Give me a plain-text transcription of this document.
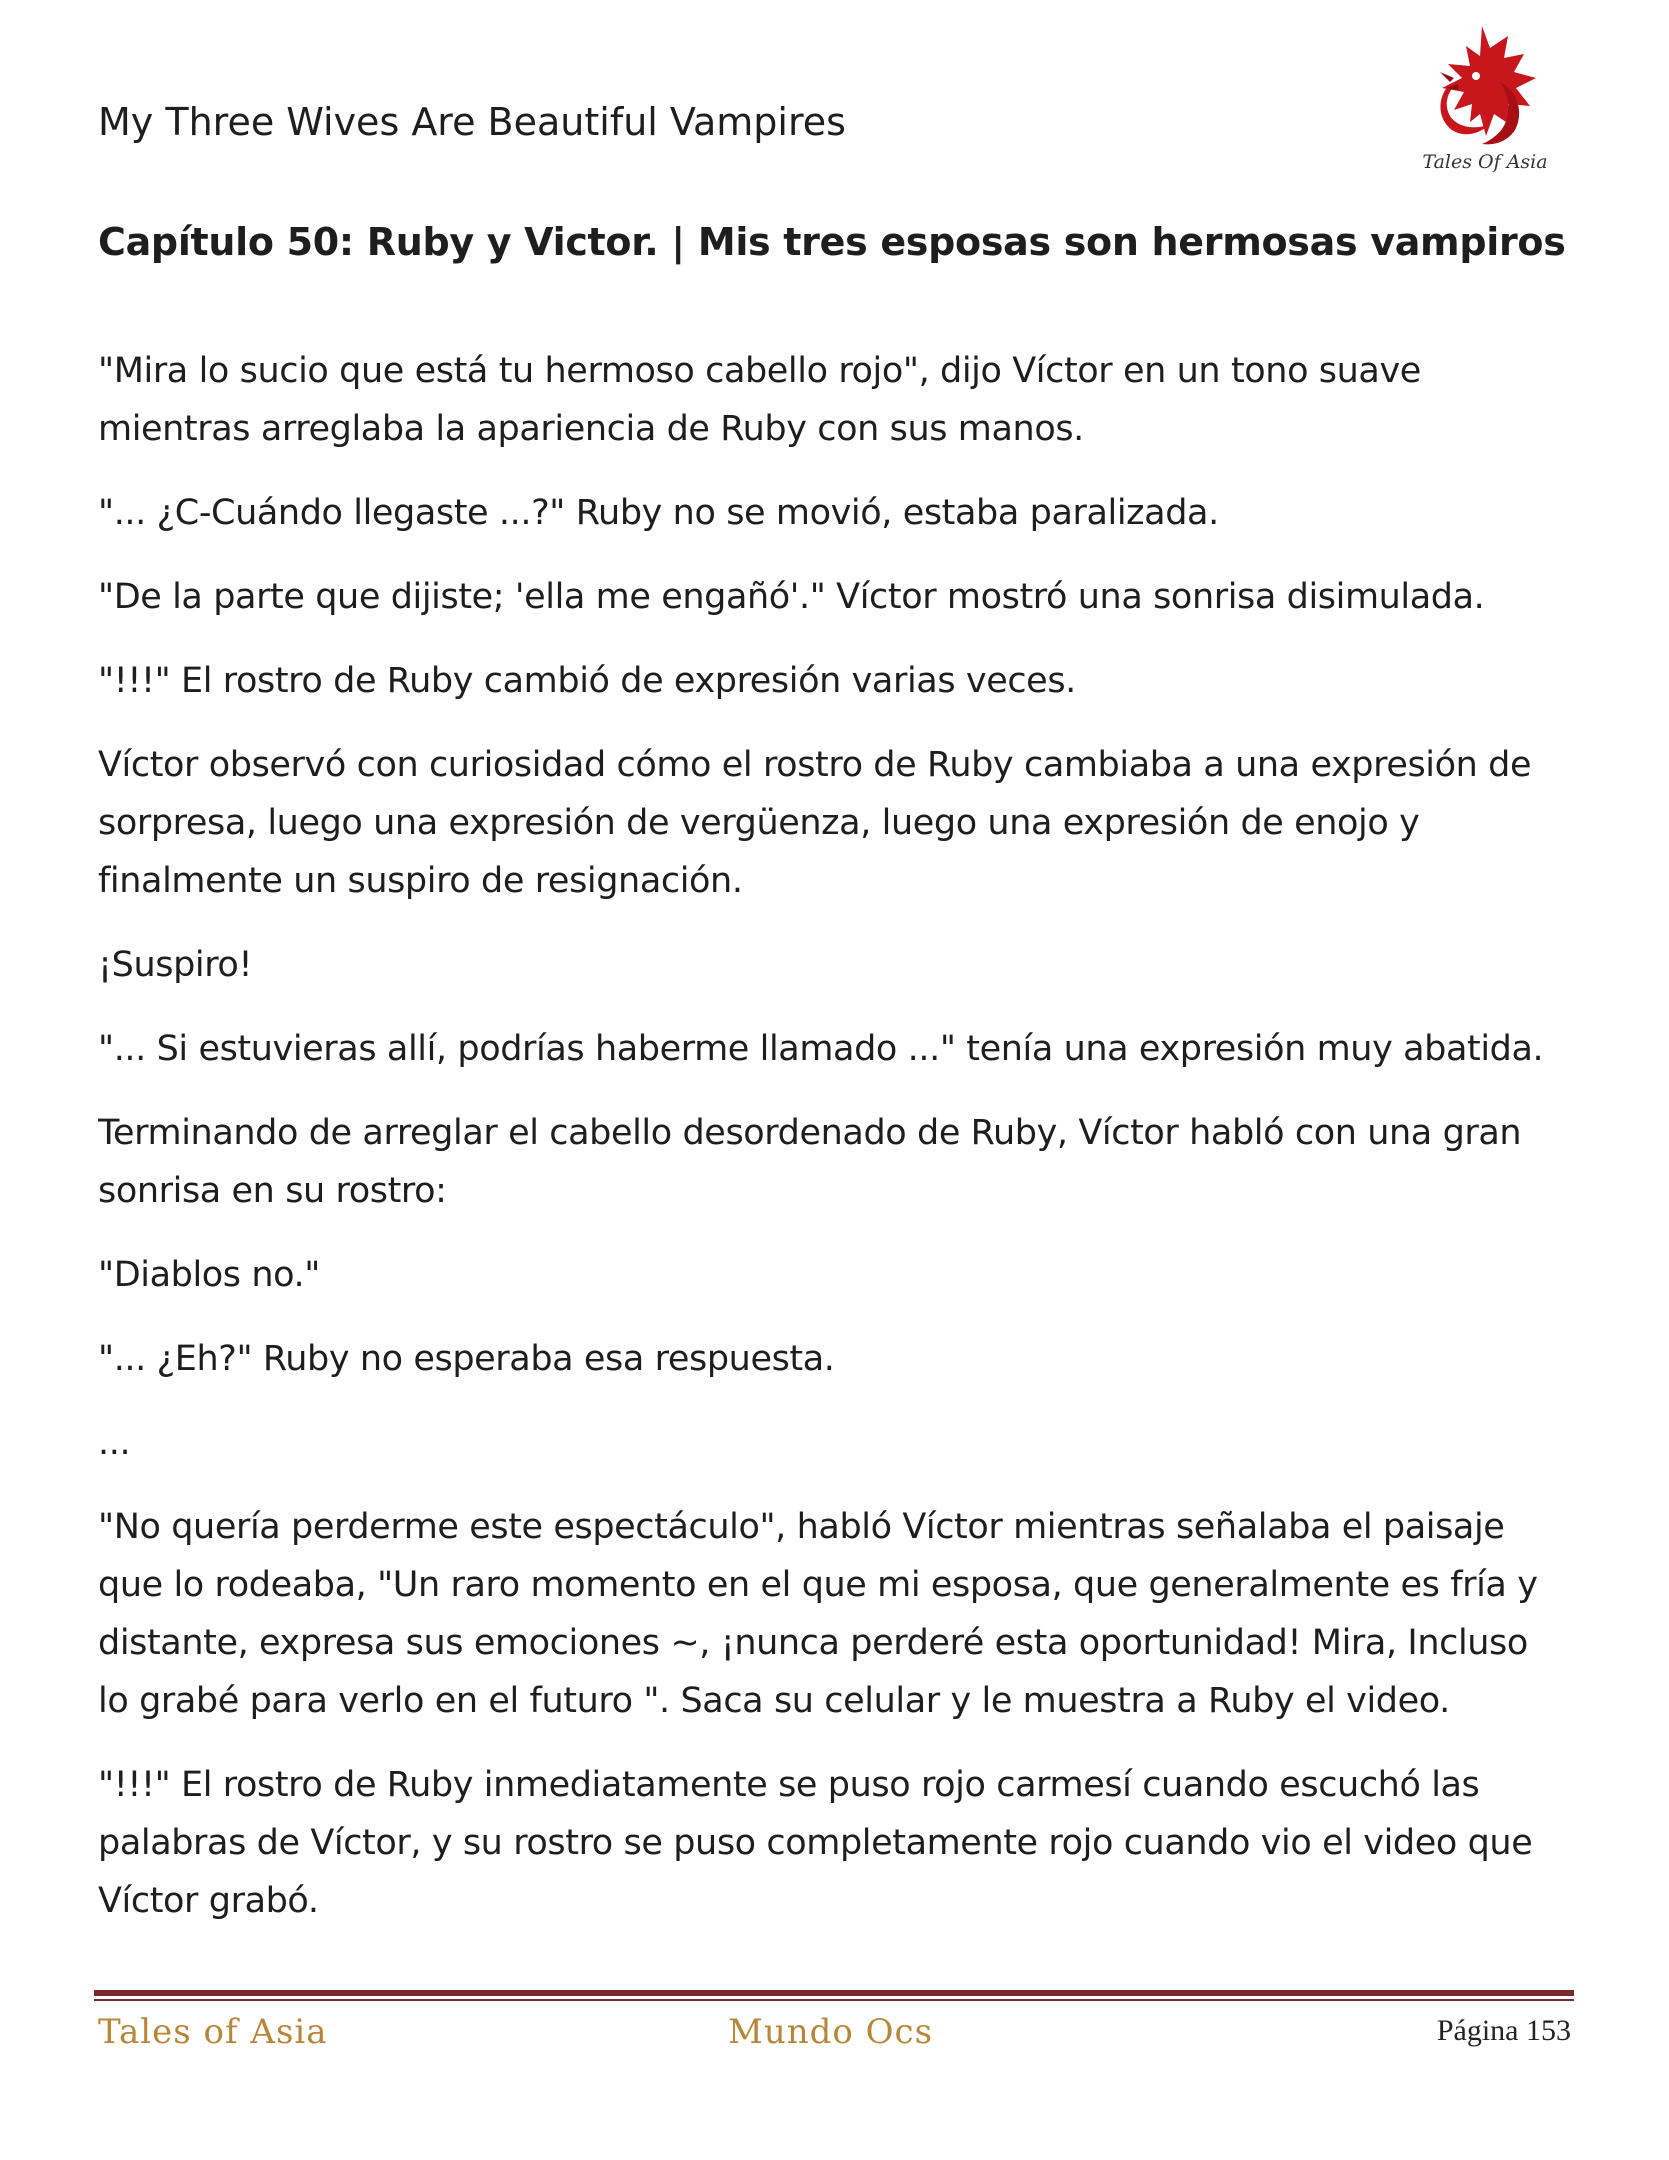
My Three Wives Are Beautiful Vampires
Tales Of Asia
Capítulo 50: Ruby y Victor. | Mis tres esposas son hermosas vampiros

"Mira lo sucio que está tu hermoso cabello rojo", dijo Víctor en un tono suave mientras arreglaba la apariencia de Ruby con sus manos.

"... ¿C-Cuándo llegaste ...?" Ruby no se movió, estaba paralizada.

"De la parte que dijiste; 'ella me engañó'." Víctor mostró una sonrisa disimulada.

"!!!" El rostro de Ruby cambió de expresión varias veces.

Víctor observó con curiosidad cómo el rostro de Ruby cambiaba a una expresión de sorpresa, luego una expresión de vergüenza, luego una expresión de enojo y finalmente un suspiro de resignación.

¡Suspiro!

"... Si estuvieras allí, podrías haberme llamado ..." tenía una expresión muy abatida.

Terminando de arreglar el cabello desordenado de Ruby, Víctor habló con una gran sonrisa en su rostro:

"Diablos no."

"... ¿Eh?" Ruby no esperaba esa respuesta.

...

"No quería perderme este espectáculo", habló Víctor mientras señalaba el paisaje que lo rodeaba, "Un raro momento en el que mi esposa, que generalmente es fría y distante, expresa sus emociones ~, ¡nunca perderé esta oportunidad! Mira, Incluso lo grabé para verlo en el futuro ". Saca su celular y le muestra a Ruby el video.

"!!!" El rostro de Ruby inmediatamente se puso rojo carmesí cuando escuchó las palabras de Víctor, y su rostro se puso completamente rojo cuando vio el video que Víctor grabó.

Tales of Asia	Mundo Ocs	Página 153
